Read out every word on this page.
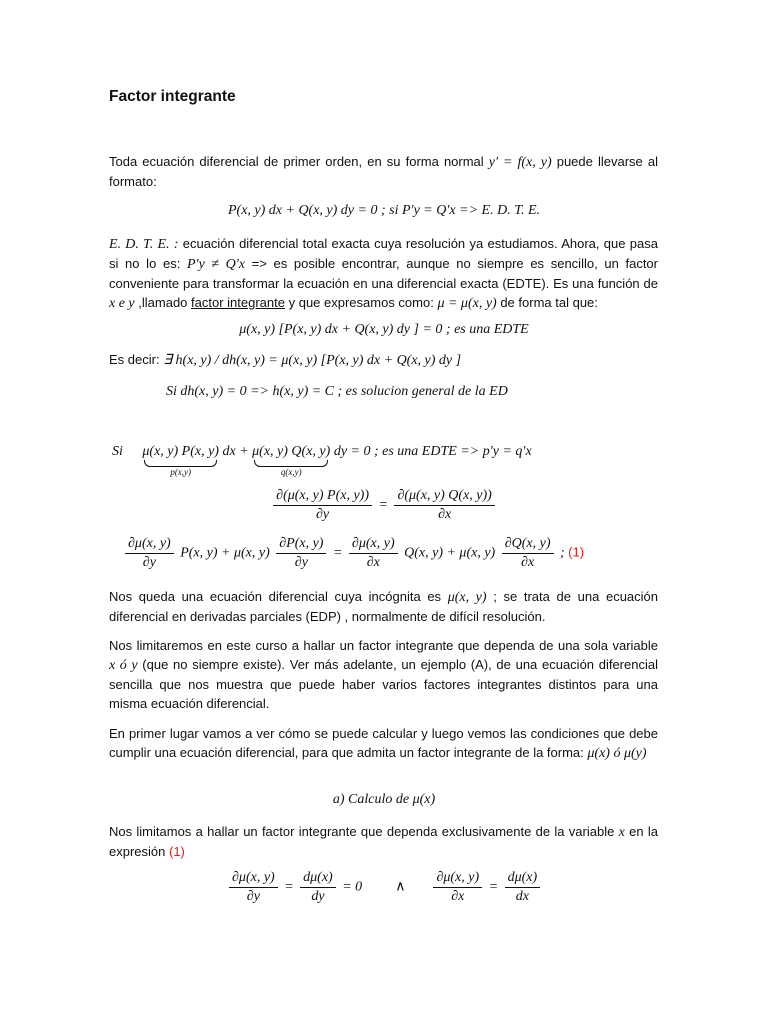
Factor integrante
Toda ecuación diferencial de primer orden, en su forma normal y′ = f(x, y) puede llevarse al formato:
P(x, y) dx + Q(x, y) dy = 0 ; si P′y = Q′x => E. D. T. E.
E. D. T. E. : ecuación diferencial total exacta cuya resolución ya estudiamos. Ahora, que pasa si no lo es: P′y ≠ Q′x => es posible encontrar, aunque no siempre es sencillo, un factor conveniente para transformar la ecuación en una diferencial exacta (EDTE). Es una función de x e y ,llamado factor integrante y que expresamos como: μ = μ(x, y) de forma tal que:
μ(x, y) [P(x, y) dx + Q(x, y) dy ] = 0 ; es una EDTE
Es decir: ∃ h(x, y) / dh(x, y) = μ(x, y) [P(x, y) dx + Q(x, y) dy ]
Si dh(x, y) = 0 => h(x, y) = C ; es solucion general de la ED
Si μ(x, y) P(x, y)
p(x,y)
dx + μ(x, y) Q(x, y)
q(x,y)
dy = 0 ; es una EDTE => p′y = q′x
$\frac{\partial(\mu(x, y) P(x, y))}{\partial y} = \frac{\partial(\mu(x, y) Q(x, y))}{\partial x}$
$\frac{\partial\mu(x, y)}{\partial y} P(x$, y) + μ(x, $y) \frac{\partial P(x, y)}{\partial y} = \frac{\partial\mu(x, y)}{\partial x} Q(x$, y) + μ(x, $y) \frac{\partial Q(x, y)}{\partial x}$ ; (1)
Nos queda una ecuación diferencial cuya incógnita es μ(x, y) ; se trata de una ecuación diferencial en derivadas parciales (EDP) , normalmente de difícil resolución.
Nos limitaremos en este curso a hallar un factor integrante que dependa de una sola variable x ó y (que no siempre existe). Ver más adelante, un ejemplo (A), de una ecuación diferencial sencilla que nos muestra que puede haber varios factores integrantes distintos para una misma ecuación diferencial.
En primer lugar vamos a ver cómo se puede calcular y luego vemos las condiciones que debe cumplir una ecuación diferencial, para que admita un factor integrante de la forma: μ(x) ó μ(y)
a) Calculo de μ(x)
Nos limitamos a hallar un factor integrante que dependa exclusivamente de la variable x en la expresión (1)
$\frac{\partial\mu(x, y)}{\partial y} = \frac{d\mu(x)}{dy} = 0$ ∧ $\frac{\partial\mu(x, y)}{\partial x} = \frac{d\mu(x)}{dx}$
